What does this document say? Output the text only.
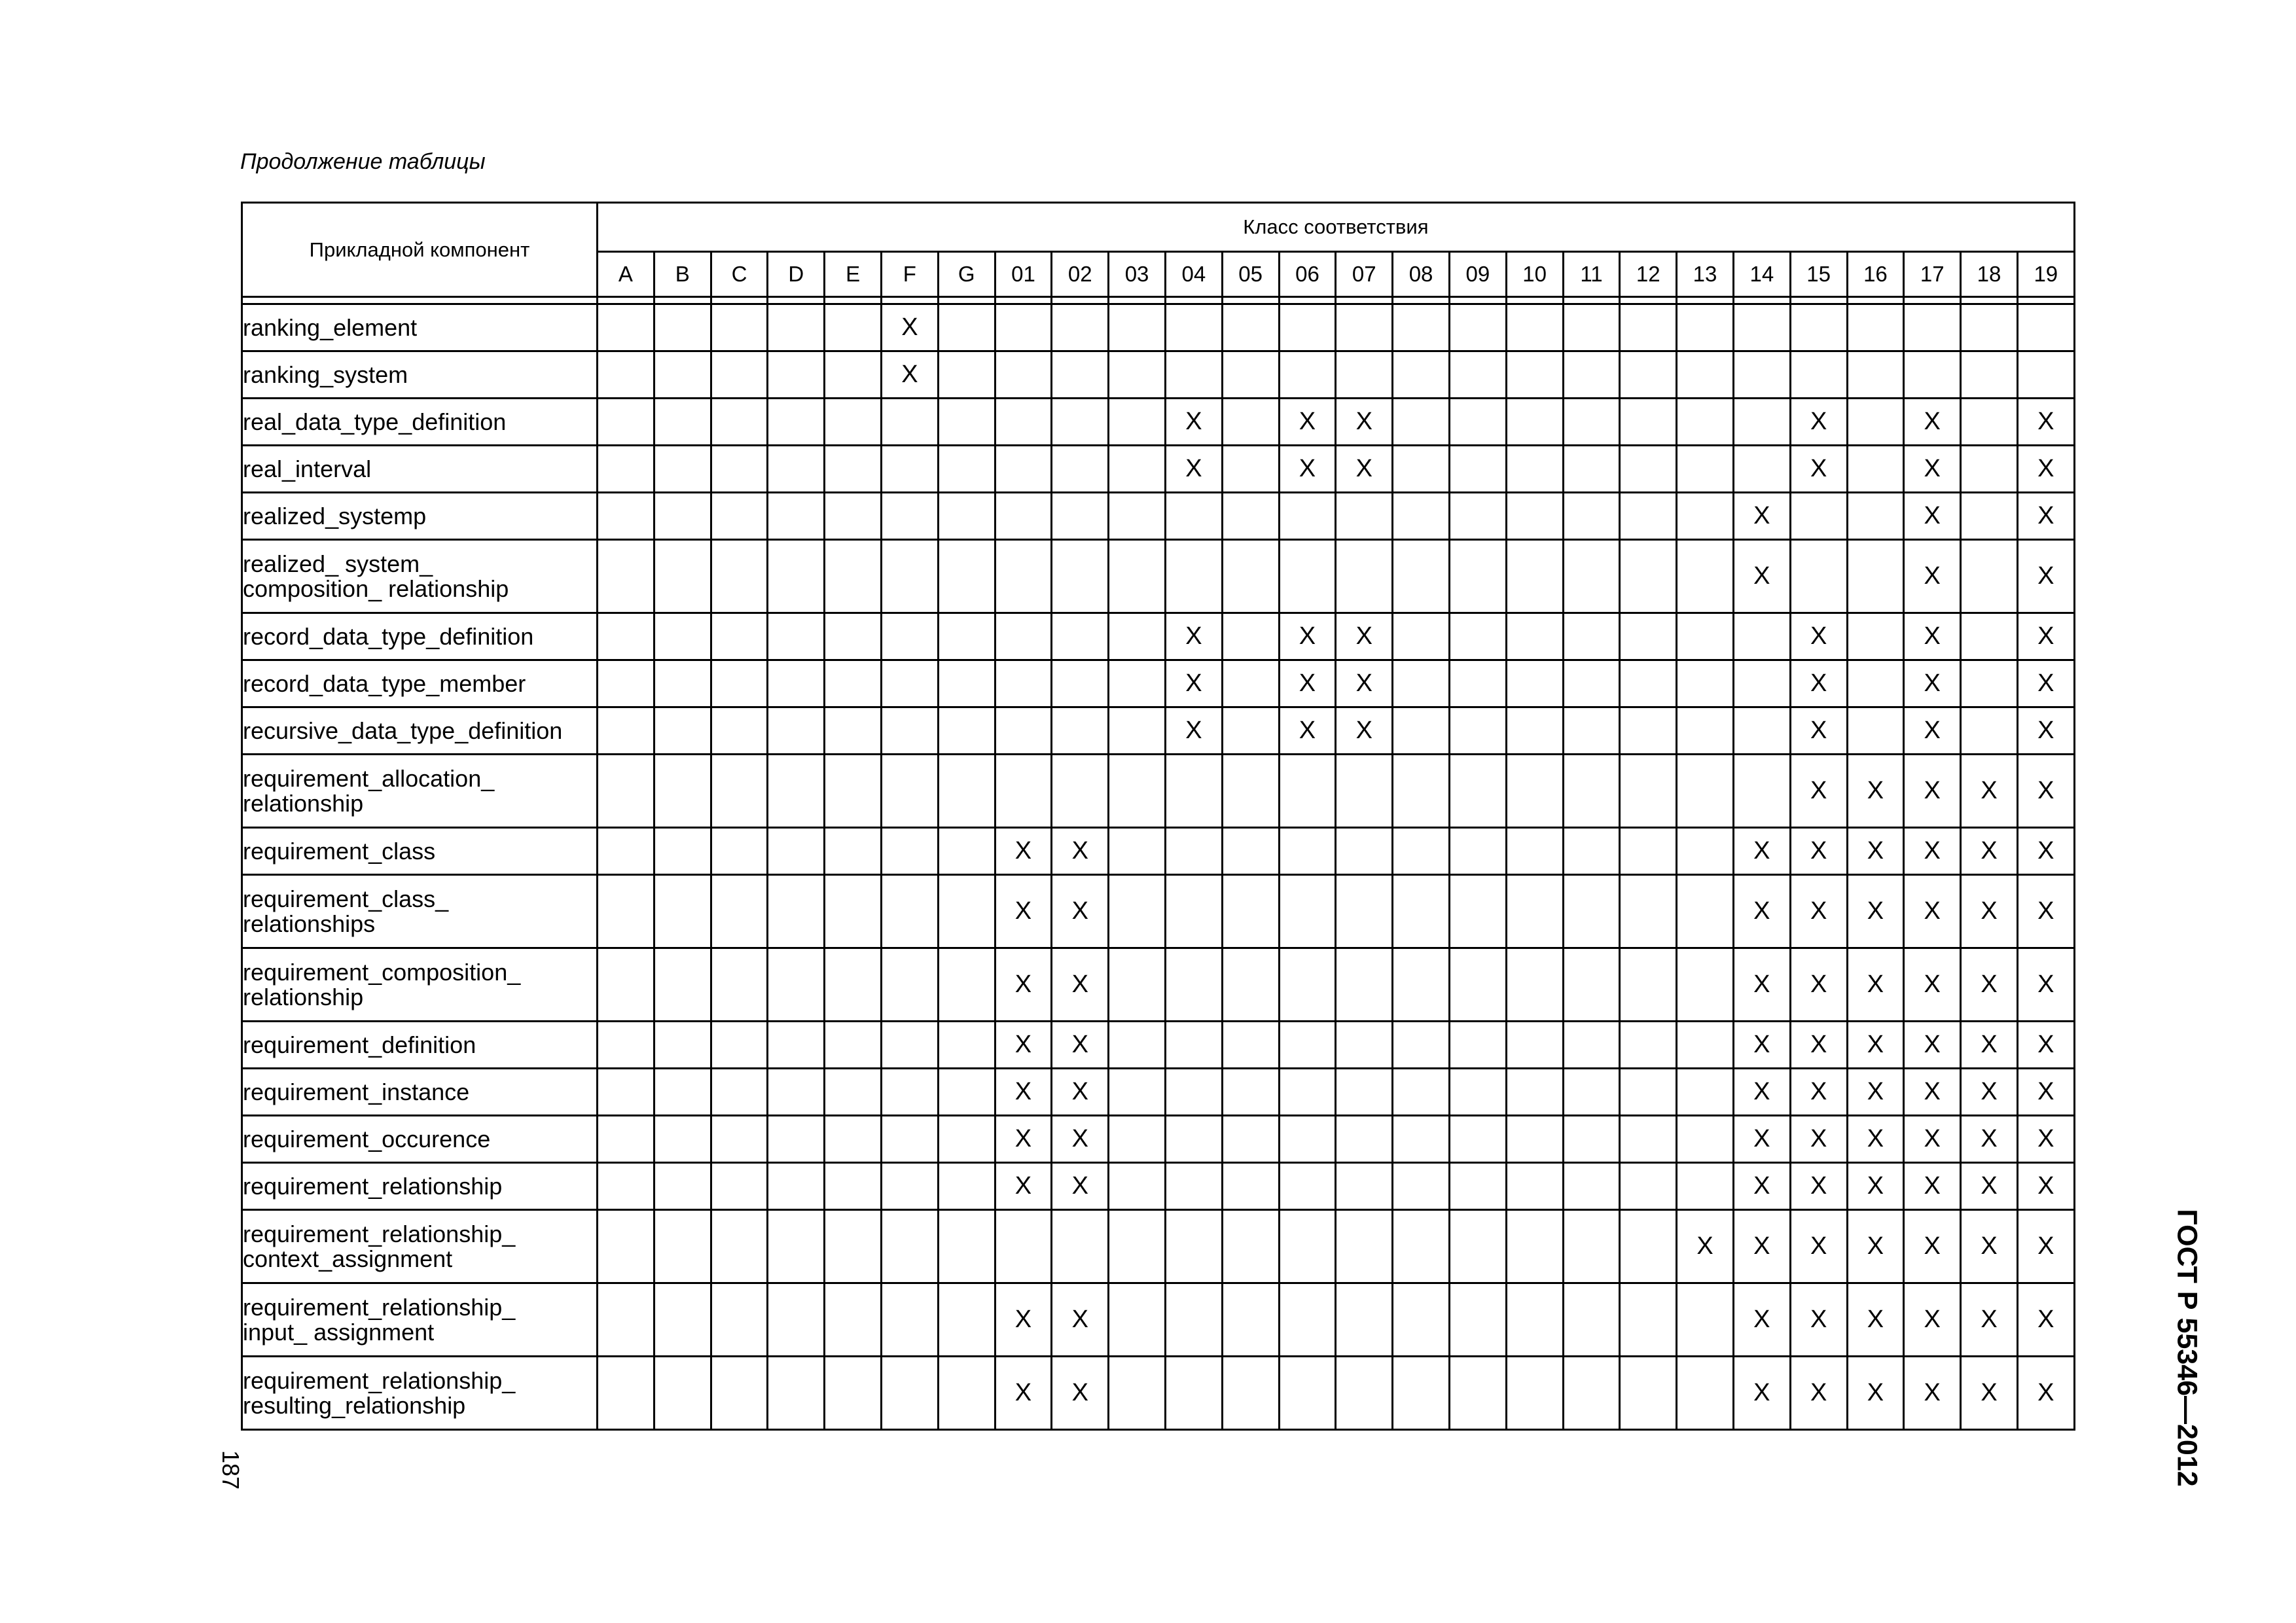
Продолжение таблицы
Прикладной компонент	Класс соответствия																									
	A	B	C	D	E	F	G	01	02	03	04	05	06	07	08	09	10	11	12	13	14	15	16	17	18	19

ranking_element						X																				

ranking_system						X																				

real_data_type_definition											X		X	X								X		X		X

real_interval											X		X	X								X		X		X

realized_systemp																					X			X		X

realized_ system_
composition_ relationship																					X			X		X

record_data_type_definition											X		X	X								X		X		X

record_data_type_member											X		X	X								X		X		X

recursive_data_type_definition											X		X	X								X		X		X

requirement_allocation_
relationship																						X	X	X	X	X

requirement_class								X	X												X	X	X	X	X	X

requirement_class_
relationships								X	X												X	X	X	X	X	X

requirement_composition_
relationship								X	X												X	X	X	X	X	X

requirement_definition								X	X												X	X	X	X	X	X

requirement_instance								X	X												X	X	X	X	X	X

requirement_occurence								X	X												X	X	X	X	X	X

requirement_relationship								X	X												X	X	X	X	X	X

requirement_relationship_
context_assignment																				X	X	X	X	X	X	X

requirement_relationship_
input_ assignment								X	X												X	X	X	X	X	X

requirement_relationship_
resulting_relationship								X	X												X	X	X	X	X	X
187	ГОСТ Р 55346—2012
